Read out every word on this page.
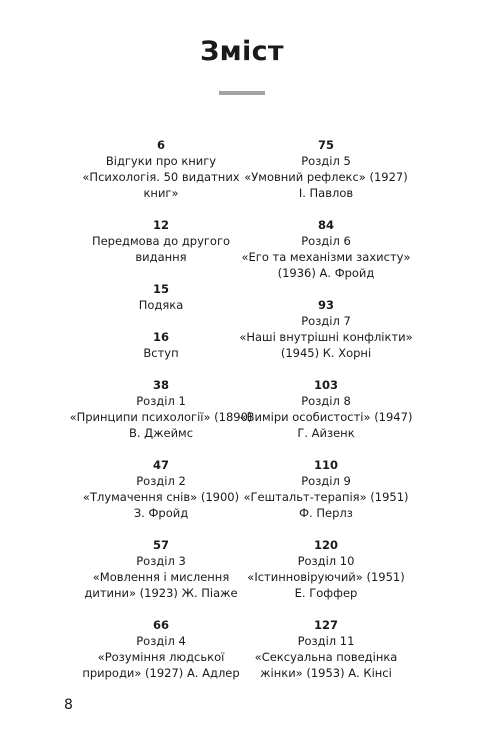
Зміст
6
Відгуки про книгу
«Психологія. 50 видатних
книг»
12
Передмова до другого
видання
15
Подяка
16
Вступ
38
Розділ 1
«Принципи психології» (1890)
В. Джеймс
47
Розділ 2
«Тлумачення снів» (1900)
З. Фройд
57
Розділ 3
«Мовлення і мислення
дитини» (1923) Ж. Піаже
66
Розділ 4
«Розуміння людської
природи» (1927) А. Адлер
75
Розділ 5
«Умовний рефлекс» (1927)
І. Павлов
84
Розділ 6
«Его та механізми захисту»
(1936) А. Фройд
93
Розділ 7
«Наші внутрішні конфлікти»
(1945) К. Хорні
103
Розділ 8
«Виміри особистості» (1947)
Г. Айзенк
110
Розділ 9
«Гештальт-терапія» (1951)
Ф. Перлз
120
Розділ 10
«Істинновіруючий» (1951)
Е. Гоффер
127
Розділ 11
«Сексуальна поведінка
жінки» (1953) А. Кінсі
8
